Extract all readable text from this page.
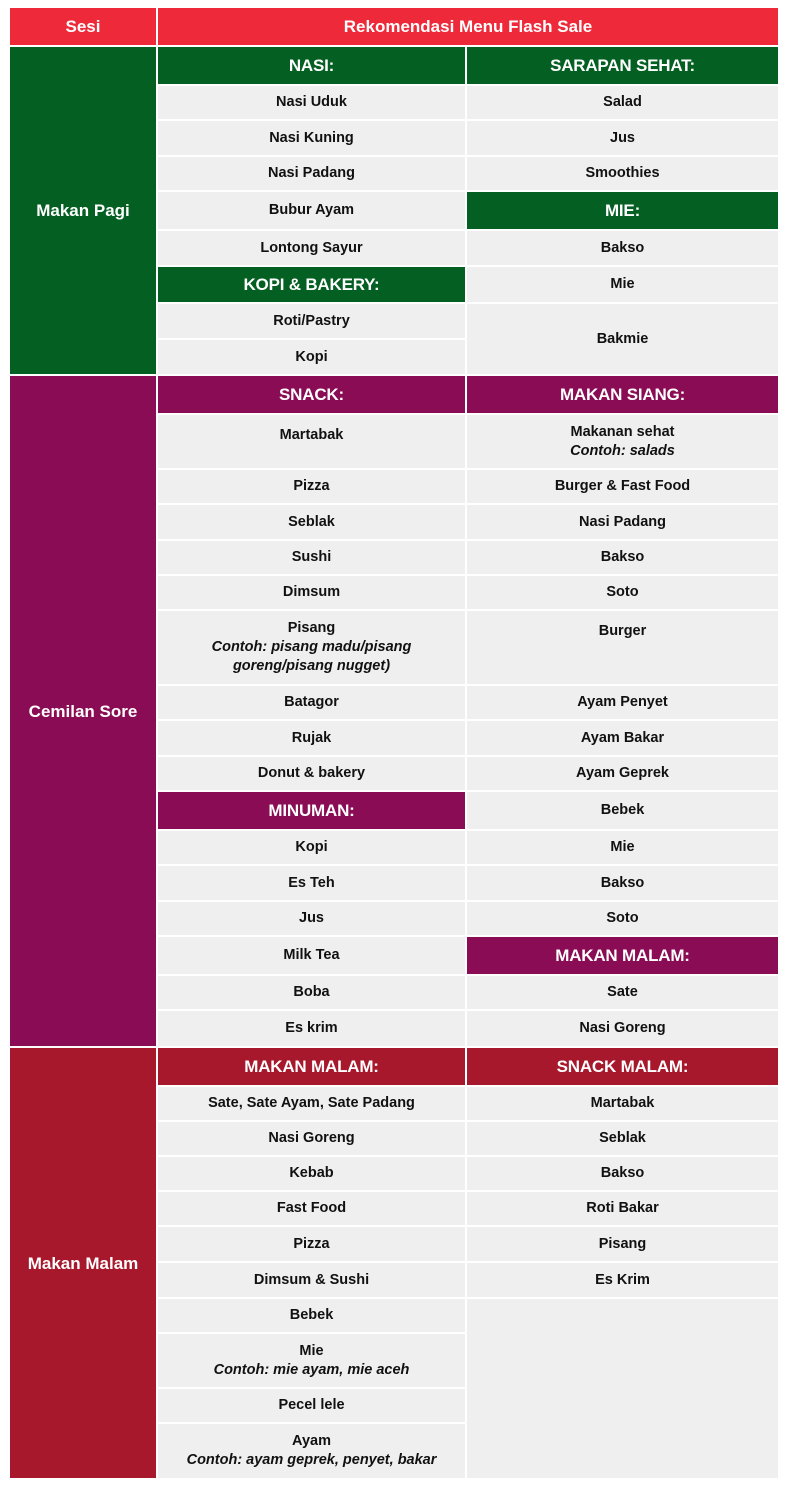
Sesi	Rekomendasi Menu Flash Sale
Makan Pagi
NASI:
Nasi Uduk
Nasi Kuning
Nasi Padang
Bubur Ayam
Lontong Sayur
KOPI & BAKERY:
Roti/Pastry
Kopi
SARAPAN SEHAT:
Salad
Jus
Smoothies
MIE:
Bakso
Mie
Bakmie
Cemilan Sore
SNACK:
Martabak
Pizza
Seblak
Sushi
Dimsum
Pisang
Contoh: pisang madu/pisang goreng/pisang nugget)
Batagor
Rujak
Donut & bakery
MINUMAN:
Kopi
Es Teh
Jus
Milk Tea
Boba
Es krim
MAKAN SIANG:
Makanan sehat
Contoh: salads
Burger & Fast Food
Nasi Padang
Bakso
Soto
Burger
Ayam Penyet
Ayam Bakar
Ayam Geprek
Bebek
Mie
Bakso
Soto
MAKAN MALAM:
Sate
Nasi Goreng
Makan Malam
MAKAN MALAM:
Sate, Sate Ayam, Sate Padang
Nasi Goreng
Kebab
Fast Food
Pizza
Dimsum & Sushi
Bebek
Mie
Contoh: mie ayam, mie aceh
Pecel lele
Ayam
Contoh: ayam geprek, penyet, bakar
SNACK MALAM:
Martabak
Seblak
Bakso
Roti Bakar
Pisang
Es Krim
